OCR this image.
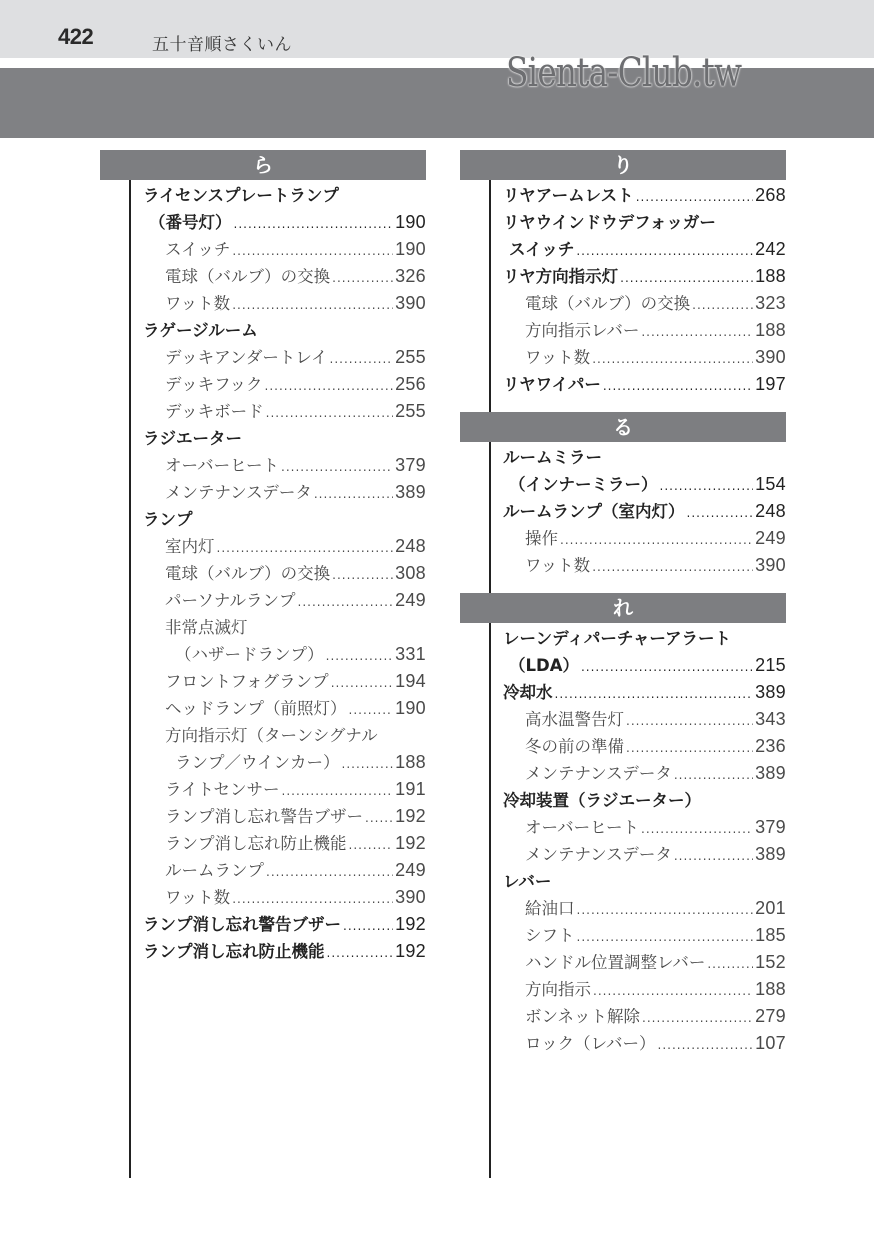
422	五十音順さくいん
Sienta-Club.tw
ら
ライセンスプレートランプ
（番号灯） .....	190
スイッチ .....	190
電球（バルブ）の交換 .....	326
ワット数 .....	390
ラゲージルーム
デッキアンダートレイ .....	255
デッキフック .....	256
デッキボード .....	255
ラジエーター
オーバーヒート .....	379
メンテナンスデータ .....	389
ランプ
室内灯 .....	248
電球（バルブ）の交換 .....	308
パーソナルランプ .....	249
非常点滅灯
（ハザードランプ） .....	331
フロントフォグランプ .....	194
ヘッドランプ（前照灯） .....	190
方向指示灯（ターンシグナル
ランプ／ウインカー） .....	188
ライトセンサー .....	191
ランプ消し忘れ警告ブザー ..... 192
ランプ消し忘れ防止機能 .....	192
ルームランプ .....	249
ワット数 .....	390
ランプ消し忘れ警告ブザー .....	192
ランプ消し忘れ防止機能 .....	192
り
リヤアームレスト .....	268
リヤウインドウデフォッガー
スイッチ .....	242
リヤ方向指示灯 .....	188
電球（バルブ）の交換 .....	323
方向指示レバー .....	188
ワット数 .....	390
リヤワイパー .....	197
る
ルームミラー
（インナーミラー） .....	154
ルームランプ（室内灯） .....	248
操作 .....	249
ワット数 .....	390
れ
レーンディパーチャーアラート
（LDA） .....	215
冷却水 .....	389
高水温警告灯 .....	343
冬の前の準備 .....	236
メンテナンスデータ .....	389
冷却装置（ラジエーター）
オーバーヒート .....	379
メンテナンスデータ .....	389
レバー
給油口 .....	201
シフト .....	185
ハンドル位置調整レバー .....	152
方向指示 .....	188
ボンネット解除 .....	279
ロック（レバー） .....	107
